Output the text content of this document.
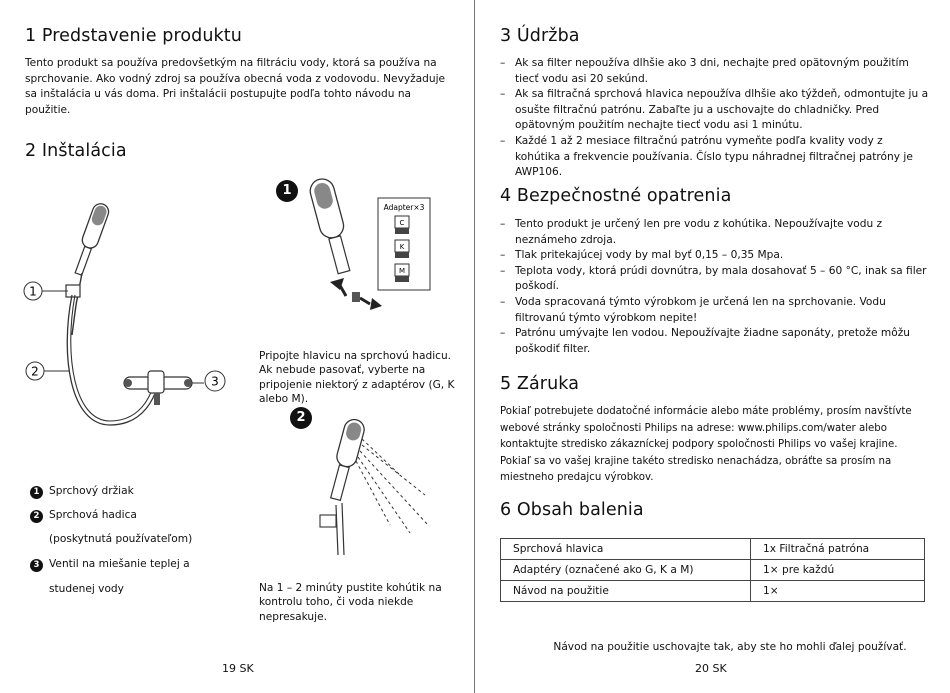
1 Predstavenie produktu

Tento produkt sa používa predovšetkým na filtráciu vody, ktorá sa používa na sprchovanie. Ako vodný zdroj sa používa obecná voda z vodovodu. Nevyžaduje sa inštalácia u vás doma. Pri inštalácii postupujte podľa tohto návodu na použitie.

2 Inštalácia
1
2
3
1
Adapter×3
C
K
M

Pripojte hlavicu na sprchovú hadicu. Ak nebude pasovať, vyberte na pripojenie niektorý z adaptérov (G, K alebo M).

2

Na 1 – 2 minúty pustite kohútik na kontrolu toho, či voda niekde nepresakuje.

1 Sprchový držiak
2 Sprchová hadica
(poskytnutá používateľom)
3 Ventil na miešanie teplej a
studenej vody
19 SK
3 Údržba
– Ak sa filter nepoužíva dlhšie ako 3 dni, nechajte pred opätovným použitím tiecť vodu asi 20 sekúnd.
– Ak sa filtračná sprchová hlavica nepoužíva dlhšie ako týždeň, odmontujte ju a osušte filtračnú patrónu. Zabaľte ju a uschovajte do chladničky. Pred opätovným použitím nechajte tiecť vodu asi 1 minútu.
– Každé 1 až 2 mesiace filtračnú patrónu vymeňte podľa kvality vody z kohútika a frekvencie používania. Číslo typu náhradnej filtračnej patróny je AWP106.
4 Bezpečnostné opatrenia
– Tento produkt je určený len pre vodu z kohútika. Nepoužívajte vodu z neznámeho zdroja.
– Tlak pritekajúcej vody by mal byť 0,15 – 0,35 Mpa.
– Teplota vody, ktorá prúdi dovnútra, by mala dosahovať 5 – 60 °C, inak sa filer poškodí.
– Voda spracovaná týmto výrobkom je určená len na sprchovanie. Vodu filtrovanú týmto výrobkom nepite!
– Patrónu umývajte len vodou. Nepoužívajte žiadne saponáty, pretože môžu poškodiť filter.
5 Záruka

Pokiaľ potrebujete dodatočné informácie alebo máte problémy, prosím navštívte webové stránky spoločnosti Philips na adrese: www.philips.com/water alebo kontaktujte stredisko zákazníckej podpory spoločnosti Philips vo vašej krajine. Pokiaľ sa vo vašej krajine takéto stredisko nenachádza, obráťte sa prosím na miestneho predajcu výrobkov.

6 Obsah balenia
Sprchová hlavica	1x Filtračná patróna
Adaptéry (označené ako G, K a M)	1× pre každú
Návod na použitie	1×
Návod na použitie uschovajte tak, aby ste ho mohli ďalej používať.
20 SK
